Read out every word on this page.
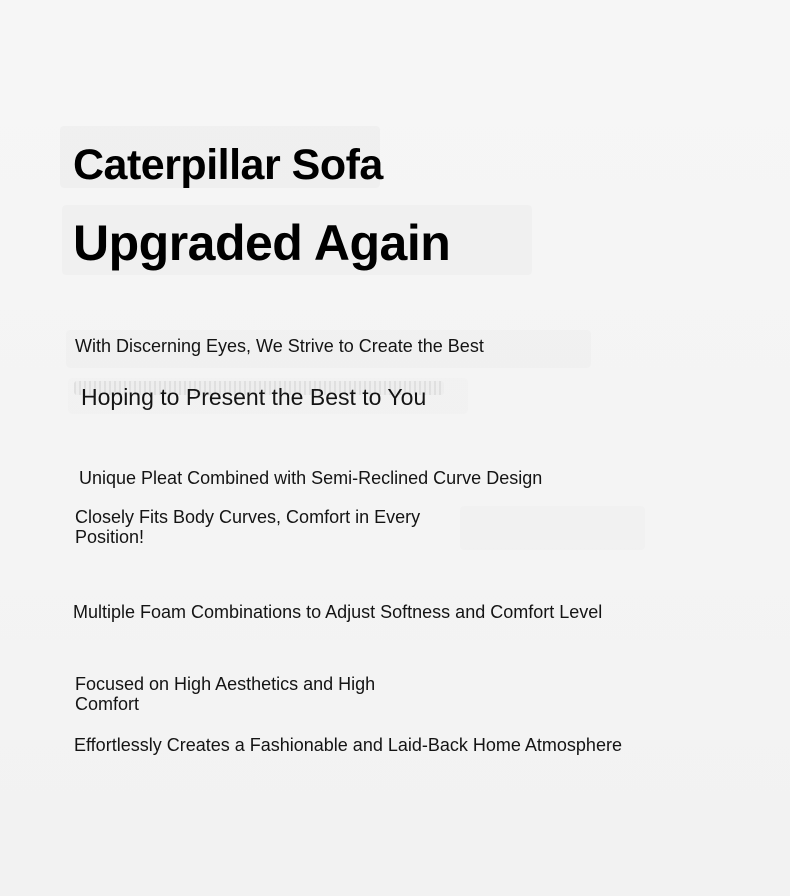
Caterpillar Sofa
Upgraded Again

With Discerning Eyes, We Strive to Create the Best

Hoping to Present the Best to You

Unique Pleat Combined with Semi-Reclined Curve Design

Closely Fits Body Curves, Comfort in Every Position!

Multiple Foam Combinations to Adjust Softness and Comfort Level

Focused on High Aesthetics and High Comfort

Effortlessly Creates a Fashionable and Laid-Back Home Atmosphere
